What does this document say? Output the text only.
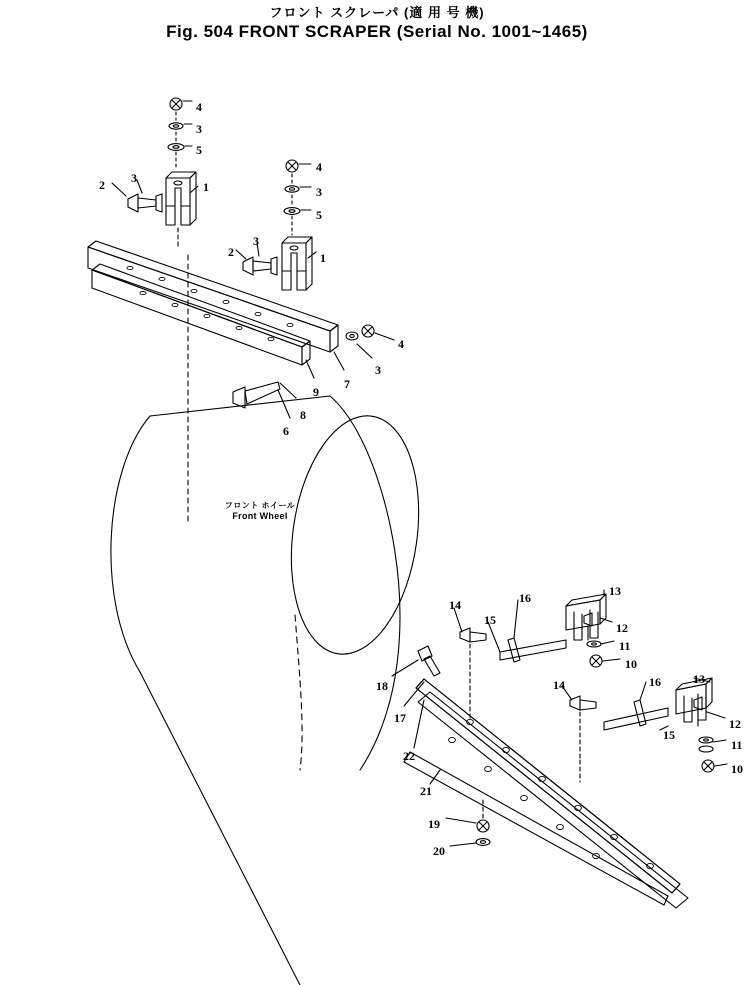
フロント スクレーパ (適 用 号 機)
Fig. 504 FRONT SCRAPER (Serial No. 1001~1465)
フロント ホイール
Front Wheel
4
3
5
2 3
1
4
3
5
2
3
1
4
3
7
9
8
6
14	16	13
15
12
11
10
14	16	13
18
17
15
12
11
10
22
21
19
20
